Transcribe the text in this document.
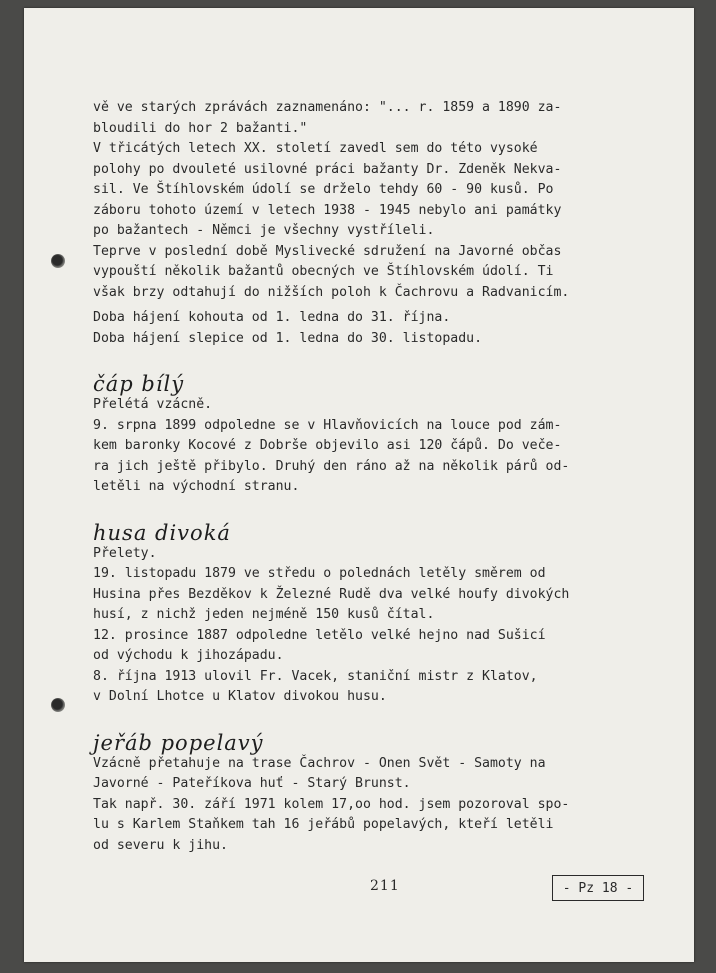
vě ve starých zprávách zaznamenáno: "... r. 1859 a 1890 za-

bloudili do hor 2 bažanti."

V třicátých letech XX. století zavedl sem do této vysoké

polohy po dvouleté usilovné práci bažanty Dr. Zdeněk Nekva-

sil. Ve Štíhlovském údolí se drželo tehdy 60 - 90 kusů. Po

záboru tohoto území v letech 1938 - 1945 nebylo ani památky

po bažantech - Němci je všechny vystříleli.

Teprve v poslední době Myslivecké sdružení na Javorné občas

vypouští několik bažantů obecných ve Štíhlovském údolí. Ti

však brzy odtahují do nižších poloh k Čachrovu a Radvanicím.

Doba hájení kohouta od 1. ledna do 31. října.

Doba hájení slepice od 1. ledna do 30. listopadu.

čáp bílý

Přelétá vzácně.

9. srpna 1899 odpoledne se v Hlavňovicích na louce pod zám-

kem baronky Kocové z Dobrše objevilo asi 120 čápů. Do veče-

ra jich ještě přibylo. Druhý den ráno až na několik párů od-

letěli na východní stranu.

husa divoká

Přelety.

19. listopadu 1879 ve středu o polednách letěly směrem od

Husina přes Bezděkov k Železné Rudě dva velké houfy divokých

husí, z nichž jeden nejméně 150 kusů čítal.

12. prosince 1887 odpoledne letělo velké hejno nad Sušicí

od východu k jihozápadu.

8. října 1913 ulovil Fr. Vacek, staniční mistr z Klatov,

v Dolní Lhotce u Klatov divokou husu.

jeřáb popelavý

Vzácně přetahuje na trase Čachrov - Onen Svět - Samoty na

Javorné - Pateříkova huť - Starý Brunst.

Tak např. 30. září 1971 kolem 17,oo hod. jsem pozoroval spo-

lu s Karlem Staňkem tah 16 jeřábů popelavých, kteří letěli

od severu k jihu.

211	- Pz 18 -
